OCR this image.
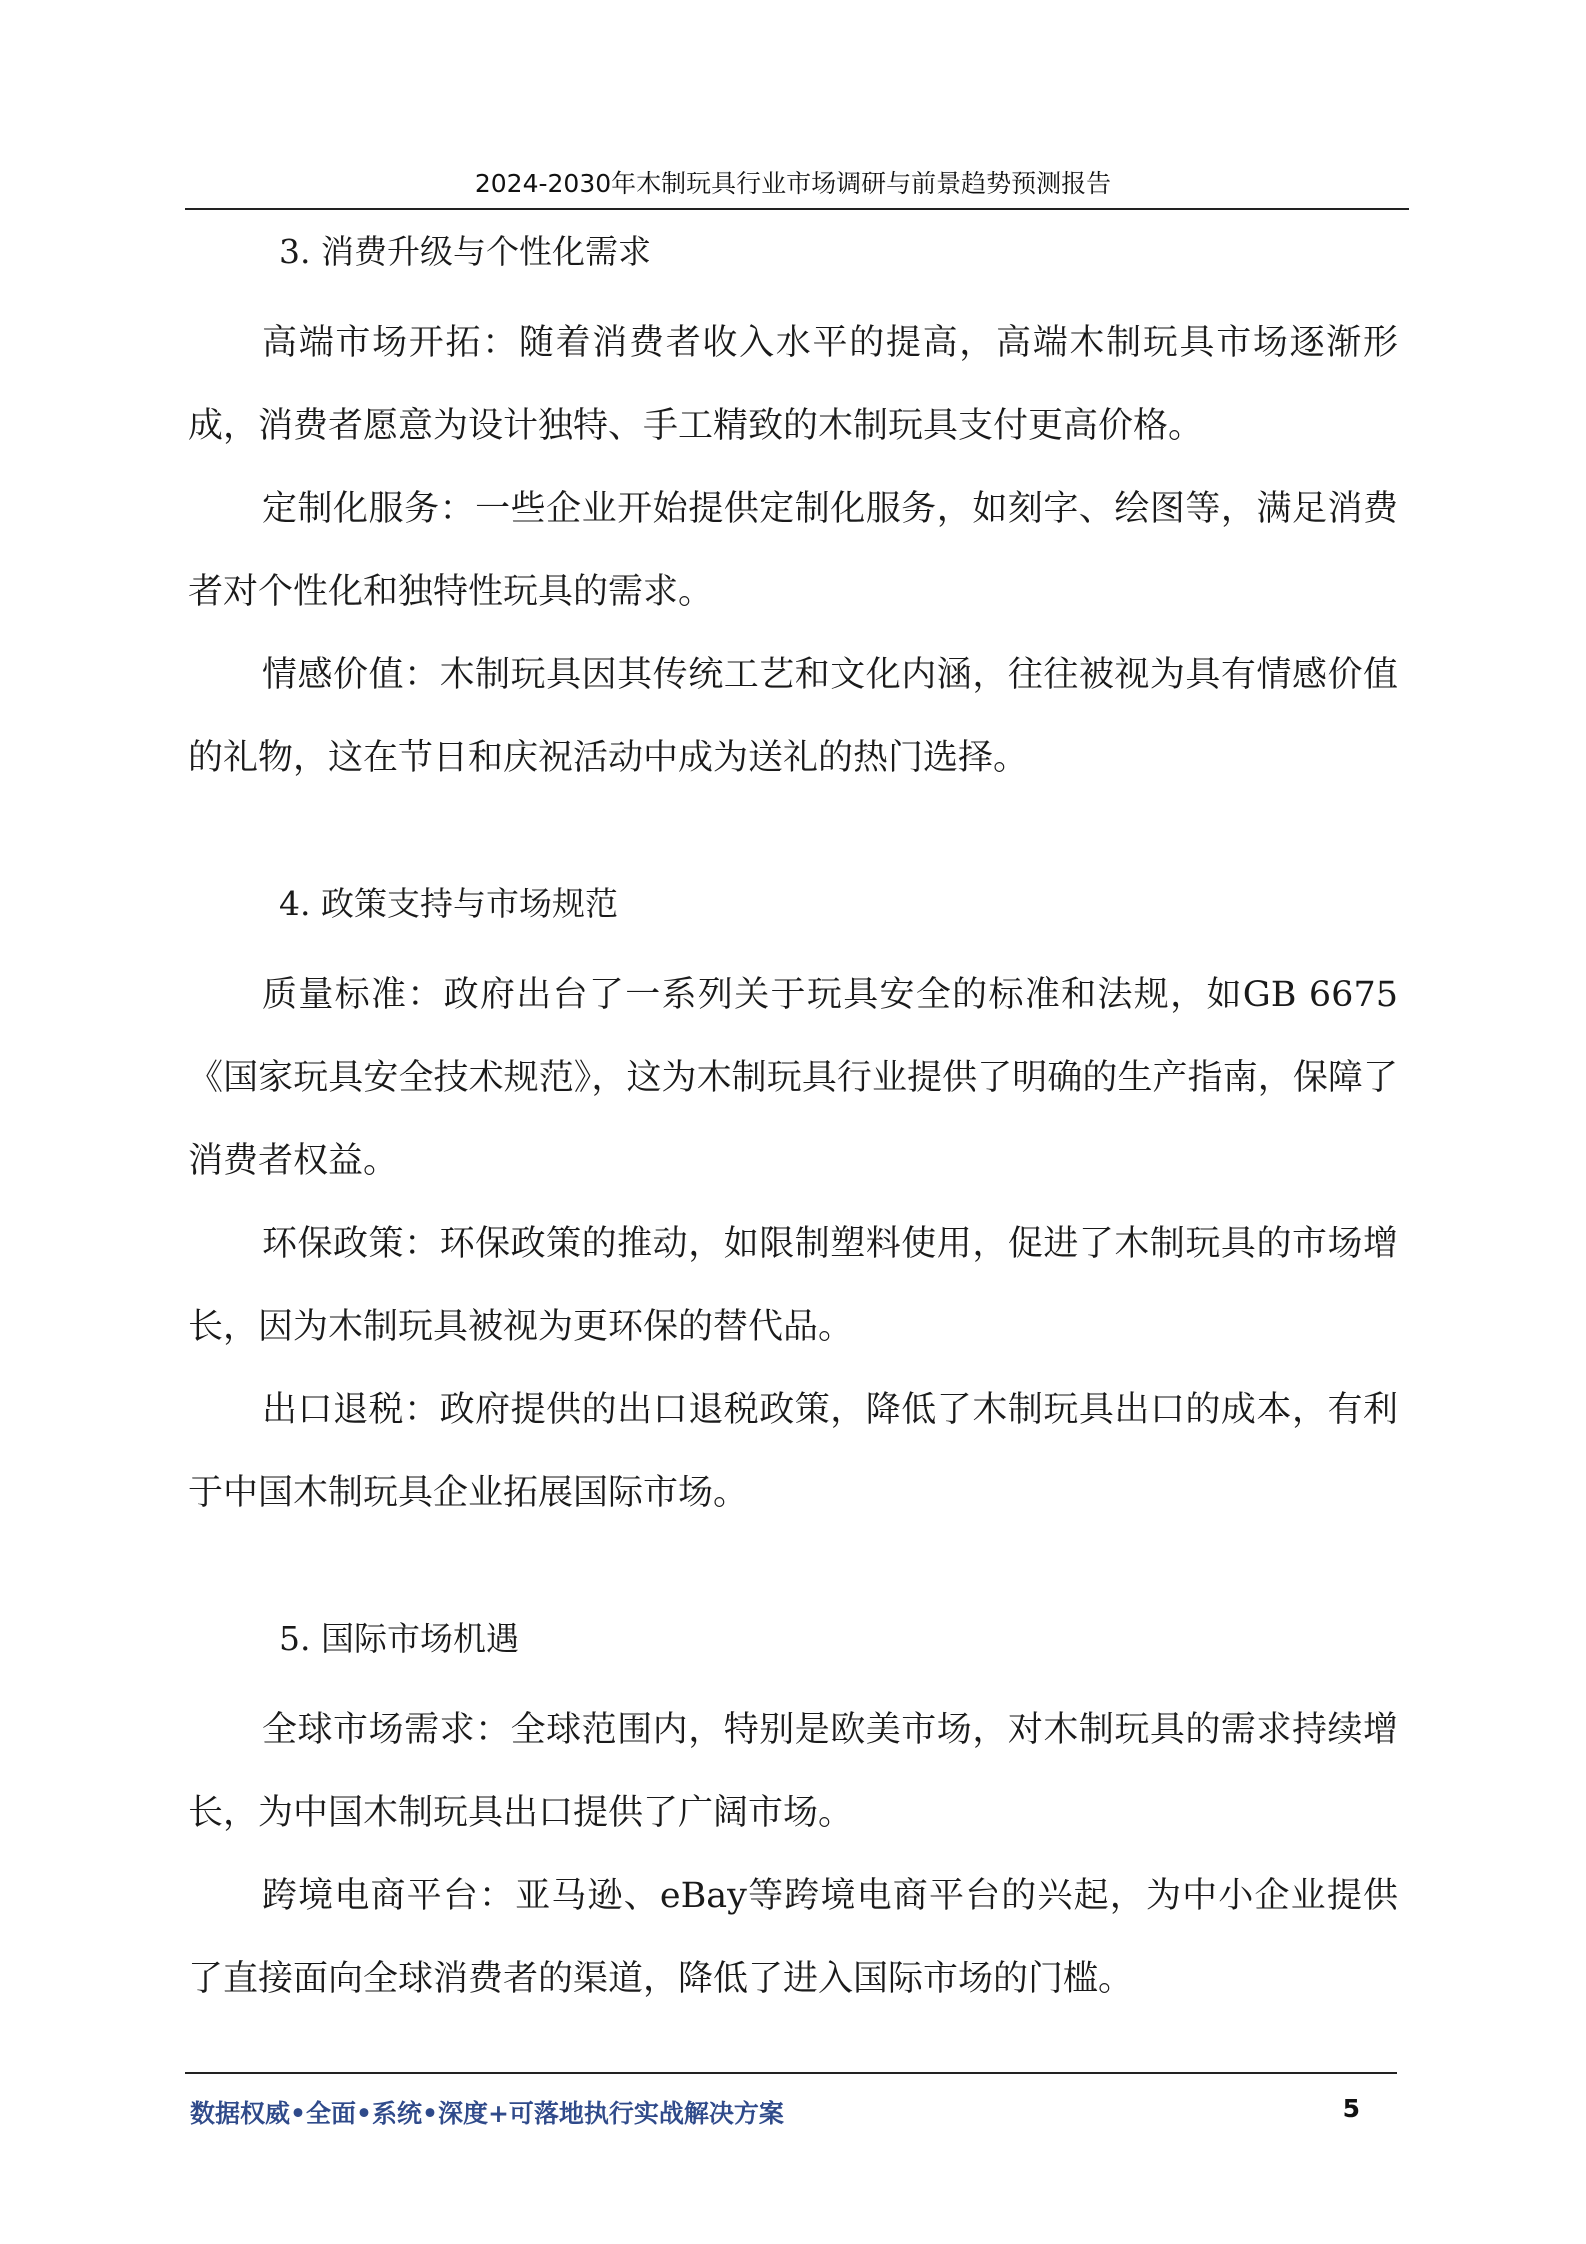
2024-2030年木制玩具行业市场调研与前景趋势预测报告

3. 消费升级与个性化需求

高端市场开拓：随着消费者收入水平的提高，高端木制玩具市场逐渐形成，消费者愿意为设计独特、手工精致的木制玩具支付更高价格。

定制化服务：一些企业开始提供定制化服务，如刻字、绘图等，满足消费者对个性化和独特性玩具的需求。

情感价值：木制玩具因其传统工艺和文化内涵，往往被视为具有情感价值的礼物，这在节日和庆祝活动中成为送礼的热门选择。

4. 政策支持与市场规范

质量标准：政府出台了一系列关于玩具安全的标准和法规，如GB 6675《国家玩具安全技术规范》，这为木制玩具行业提供了明确的生产指南，保障了消费者权益。

环保政策：环保政策的推动，如限制塑料使用，促进了木制玩具的市场增长，因为木制玩具被视为更环保的替代品。

出口退税：政府提供的出口退税政策，降低了木制玩具出口的成本，有利于中国木制玩具企业拓展国际市场。

5. 国际市场机遇

全球市场需求：全球范围内，特别是欧美市场，对木制玩具的需求持续增长，为中国木制玩具出口提供了广阔市场。

跨境电商平台：亚马逊、eBay等跨境电商平台的兴起，为中小企业提供了直接面向全球消费者的渠道，降低了进入国际市场的门槛。

数据权威•全面•系统•深度+可落地执行实战解决方案	5
